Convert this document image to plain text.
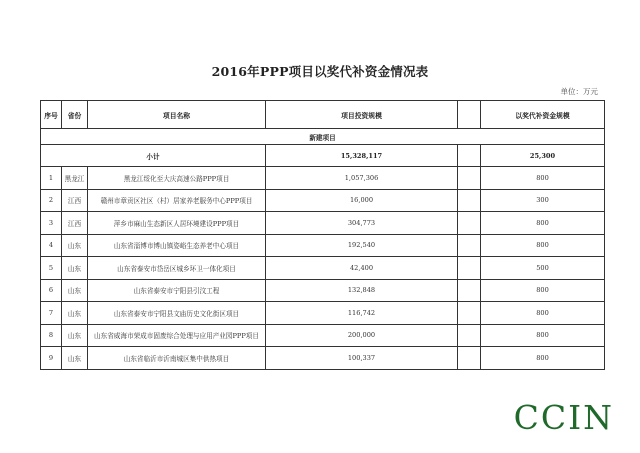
2016年PPP项目以奖代补资金情况表
单位：万元
序号	省份	项目名称	项目投资规模		以奖代补资金规模
新建项目					
小计			15,328,117		25,300
1	黑龙江	黑龙江绥化至大庆高速公路PPP项目	1,057,306		800
2	江西	赣州市章贡区社区（村）居家养老服务中心PPP项目	16,000		300
3	江西	萍乡市麻山生态新区人居环境建设PPP项目	304,773		800
4	山东	山东省淄博市博山镇姿峪生态养老中心项目	192,540		800
5	山东	山东省泰安市岱岳区城乡环卫一体化项目	42,400		500
6	山东	山东省泰安市宁阳县引汶工程	132,848		800
7	山东	山东省泰安市宁阳县文庙历史文化街区项目	116,742		800
8	山东	山东省威海市荣成市固废综合处理与应用产业园PPP项目	200,000		800
9	山东	山东省临沂市沂南城区集中供热项目	100,337		800
CCIN
